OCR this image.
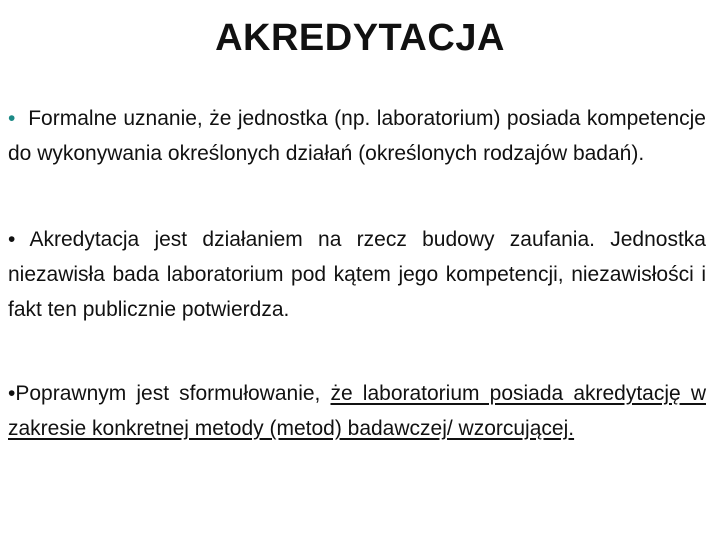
AKREDYTACJA

• Formalne uznanie, że jednostka (np. laboratorium) posiada kompetencje do wykonywania określonych działań (określonych rodzajów badań).

• Akredytacja jest działaniem na rzecz budowy zaufania. Jednostka niezawisła bada laboratorium pod kątem jego kompetencji, niezawisłości i fakt ten publicznie potwierdza.

•Poprawnym jest sformułowanie, że laboratorium posiada akredytację w zakresie konkretnej metody (metod) badawczej/ wzorcującej.
